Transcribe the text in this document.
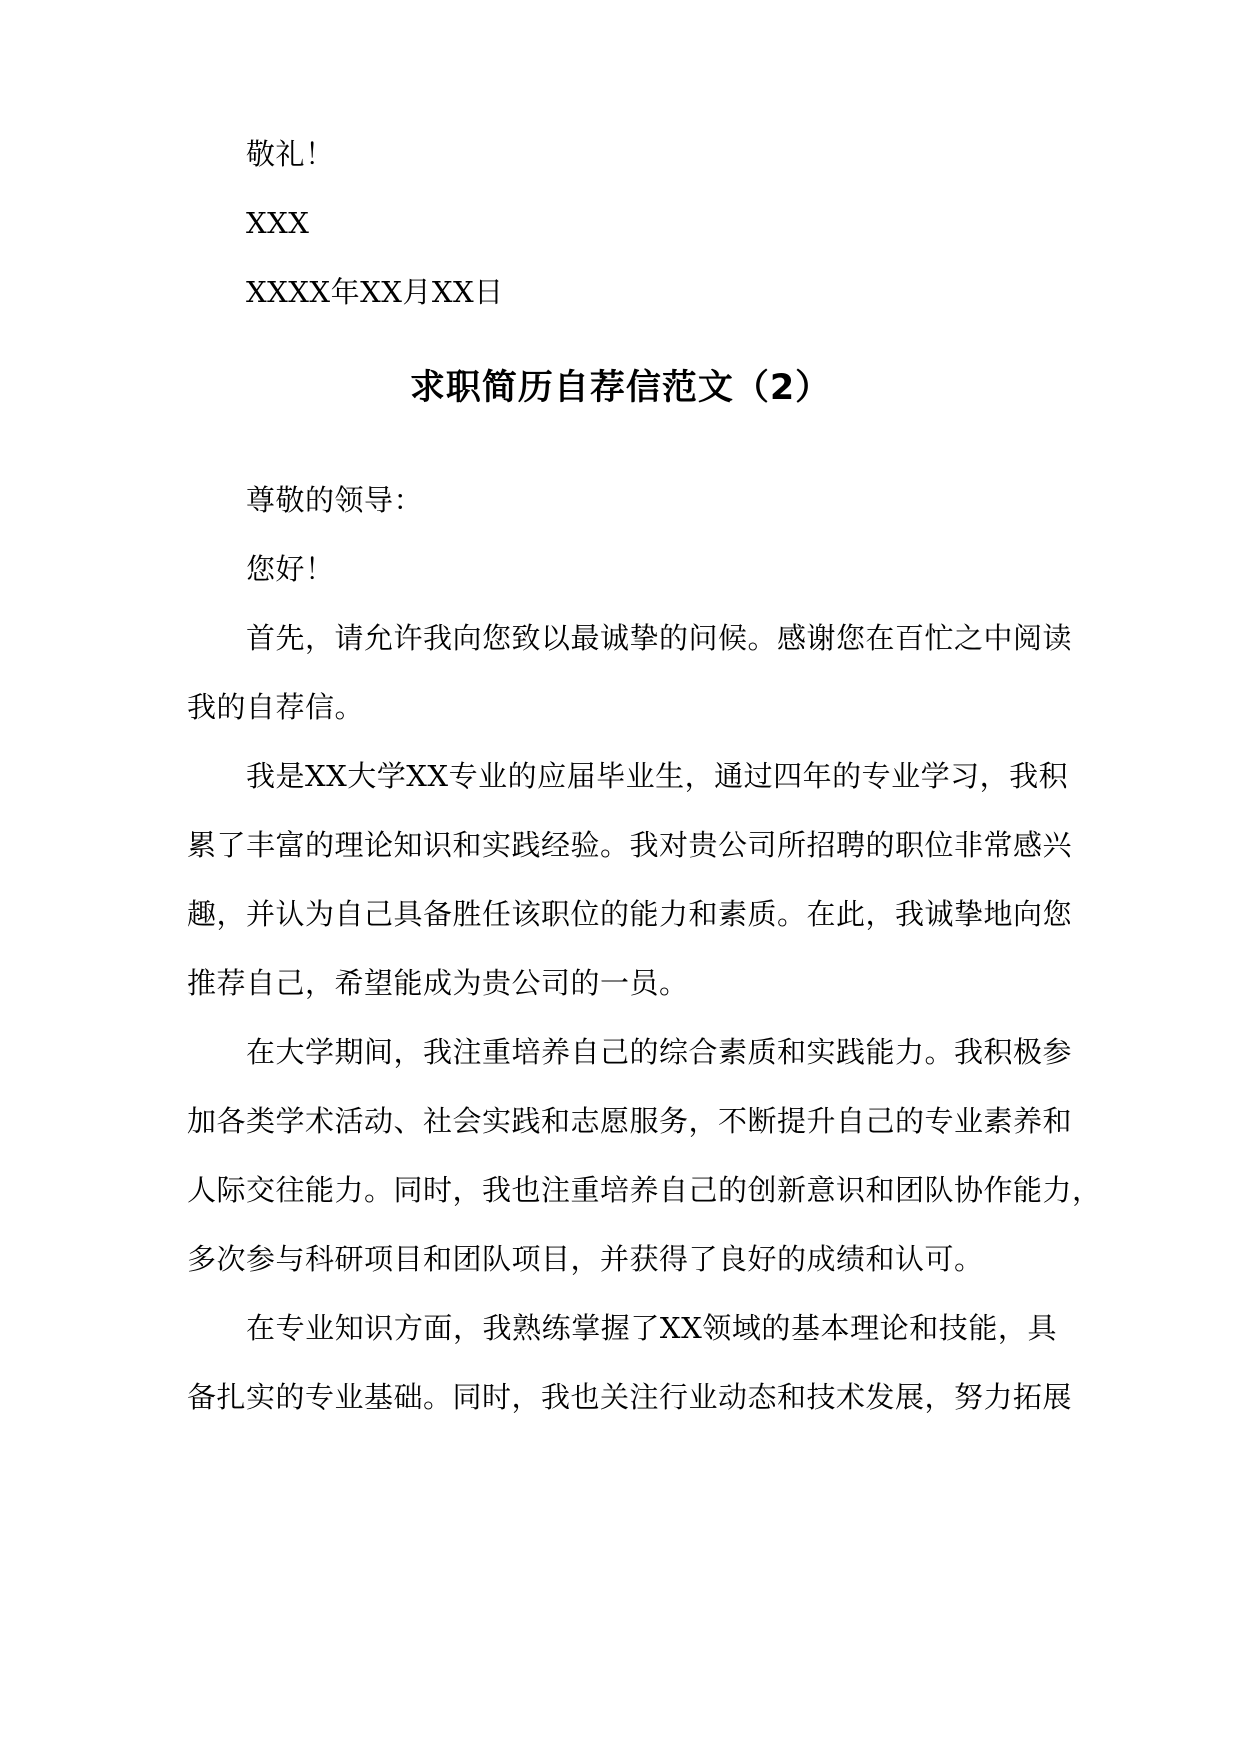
敬礼！
XXX
XXXX年XX月XX日
求职简历自荐信范文（2）
尊敬的领导：
您好！
首先，请允许我向您致以最诚挚的问候。感谢您在百忙之中阅读
我的自荐信。
我是XX大学XX专业的应届毕业生，通过四年的专业学习，我积
累了丰富的理论知识和实践经验。我对贵公司所招聘的职位非常感兴
趣，并认为自己具备胜任该职位的能力和素质。在此，我诚挚地向您
推荐自己，希望能成为贵公司的一员。
在大学期间，我注重培养自己的综合素质和实践能力。我积极参
加各类学术活动、社会实践和志愿服务，不断提升自己的专业素养和
人际交往能力。同时，我也注重培养自己的创新意识和团队协作能力，
多次参与科研项目和团队项目，并获得了良好的成绩和认可。
在专业知识方面，我熟练掌握了XX领域的基本理论和技能，具
备扎实的专业基础。同时，我也关注行业动态和技术发展，努力拓展
